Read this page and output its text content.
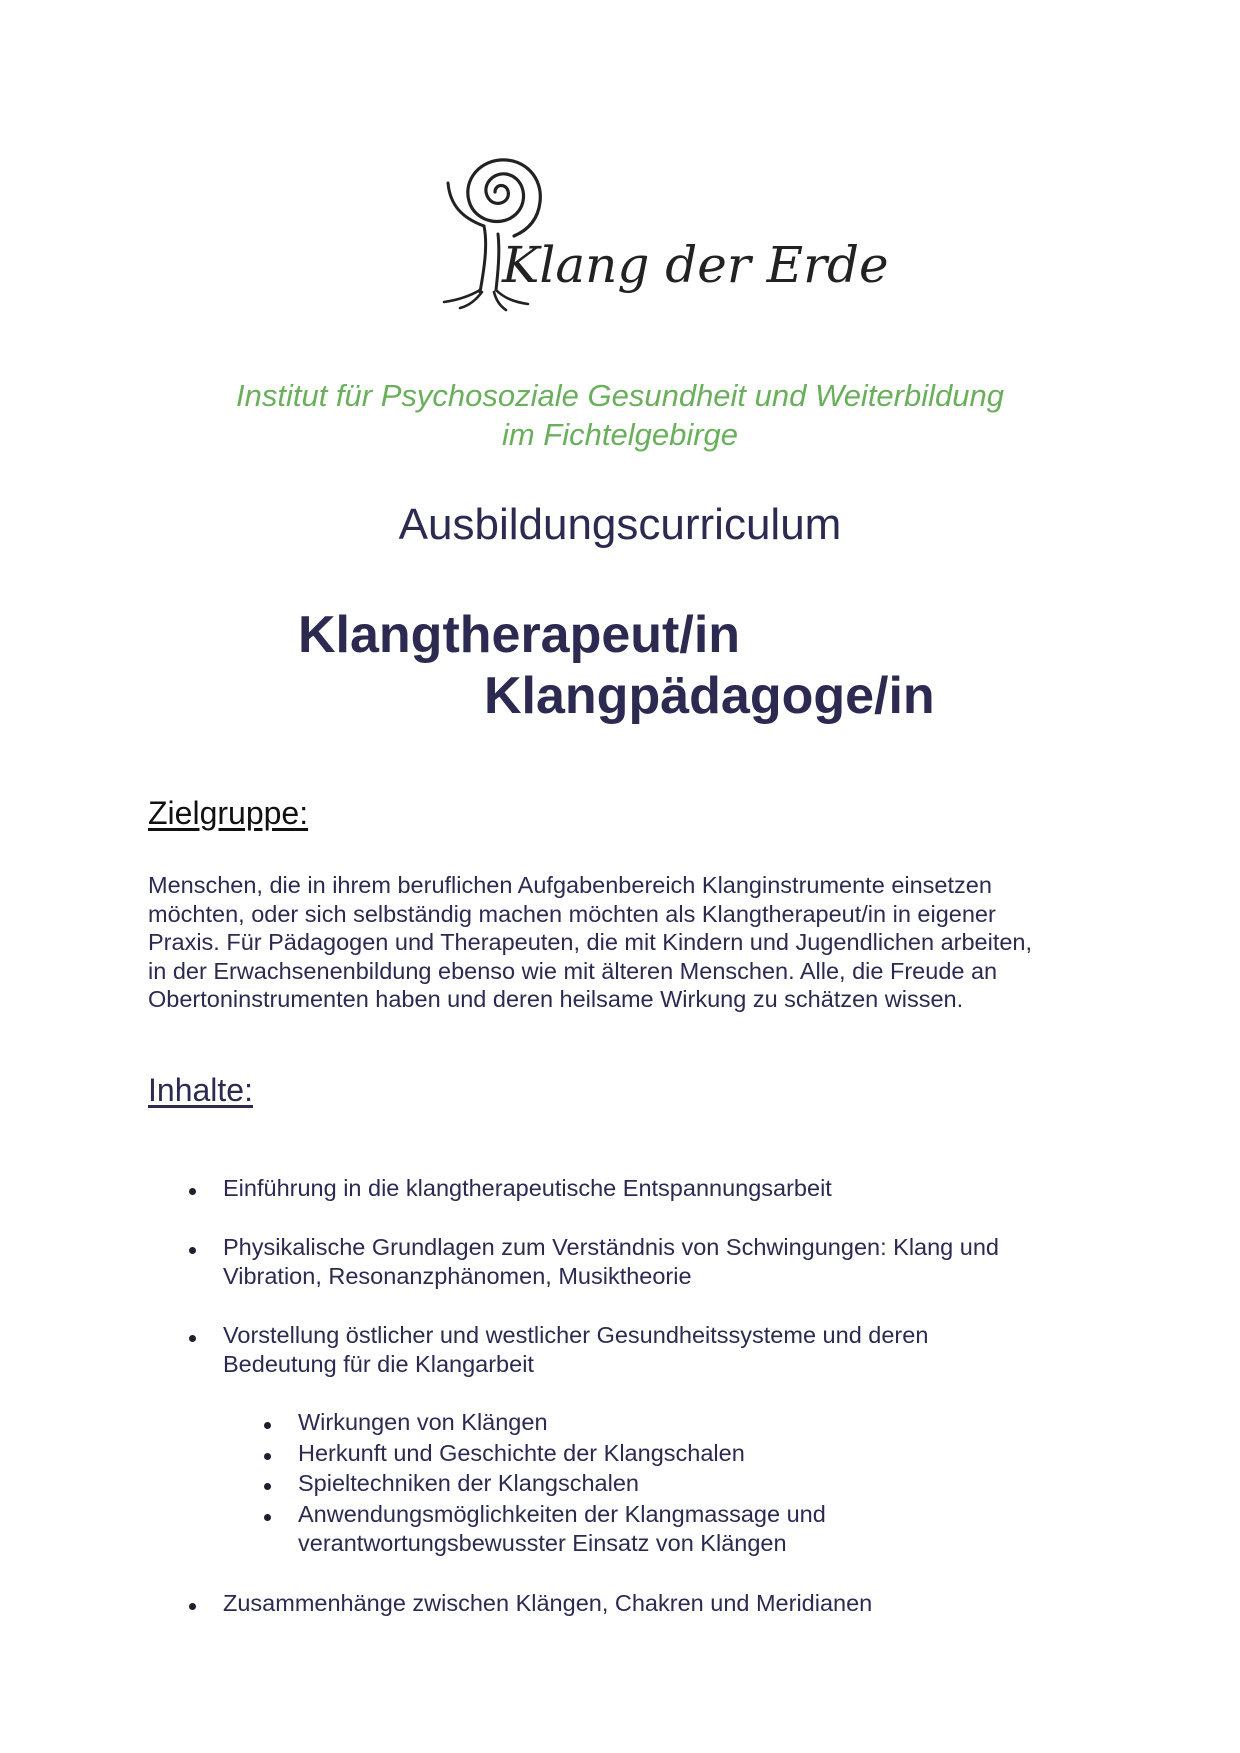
Klang der Erde
Institut für Psychosoziale Gesundheit und Weiterbildung
im Fichtelgebirge
Ausbildungscurriculum
Klangtherapeut/in
Klangpädagoge/in
Zielgruppe:
Menschen, die in ihrem beruflichen Aufgabenbereich Klanginstrumente einsetzen
möchten, oder sich selbständig machen möchten als Klangtherapeut/in in eigener
Praxis. Für Pädagogen und Therapeuten, die mit Kindern und Jugendlichen arbeiten,
in der Erwachsenenbildung ebenso wie mit älteren Menschen. Alle, die Freude an
Obertoninstrumenten haben und deren heilsame Wirkung zu schätzen wissen.
Inhalte:
Einführung in die klangtherapeutische Entspannungsarbeit
Physikalische Grundlagen zum Verständnis von Schwingungen: Klang und
Vibration, Resonanzphänomen, Musiktheorie
Vorstellung östlicher und westlicher Gesundheitssysteme und deren
Bedeutung für die Klangarbeit
Wirkungen von Klängen
Herkunft und Geschichte der Klangschalen
Spieltechniken der Klangschalen
Anwendungsmöglichkeiten der Klangmassage und
verantwortungsbewusster Einsatz von Klängen
Zusammenhänge zwischen Klängen, Chakren und Meridianen
